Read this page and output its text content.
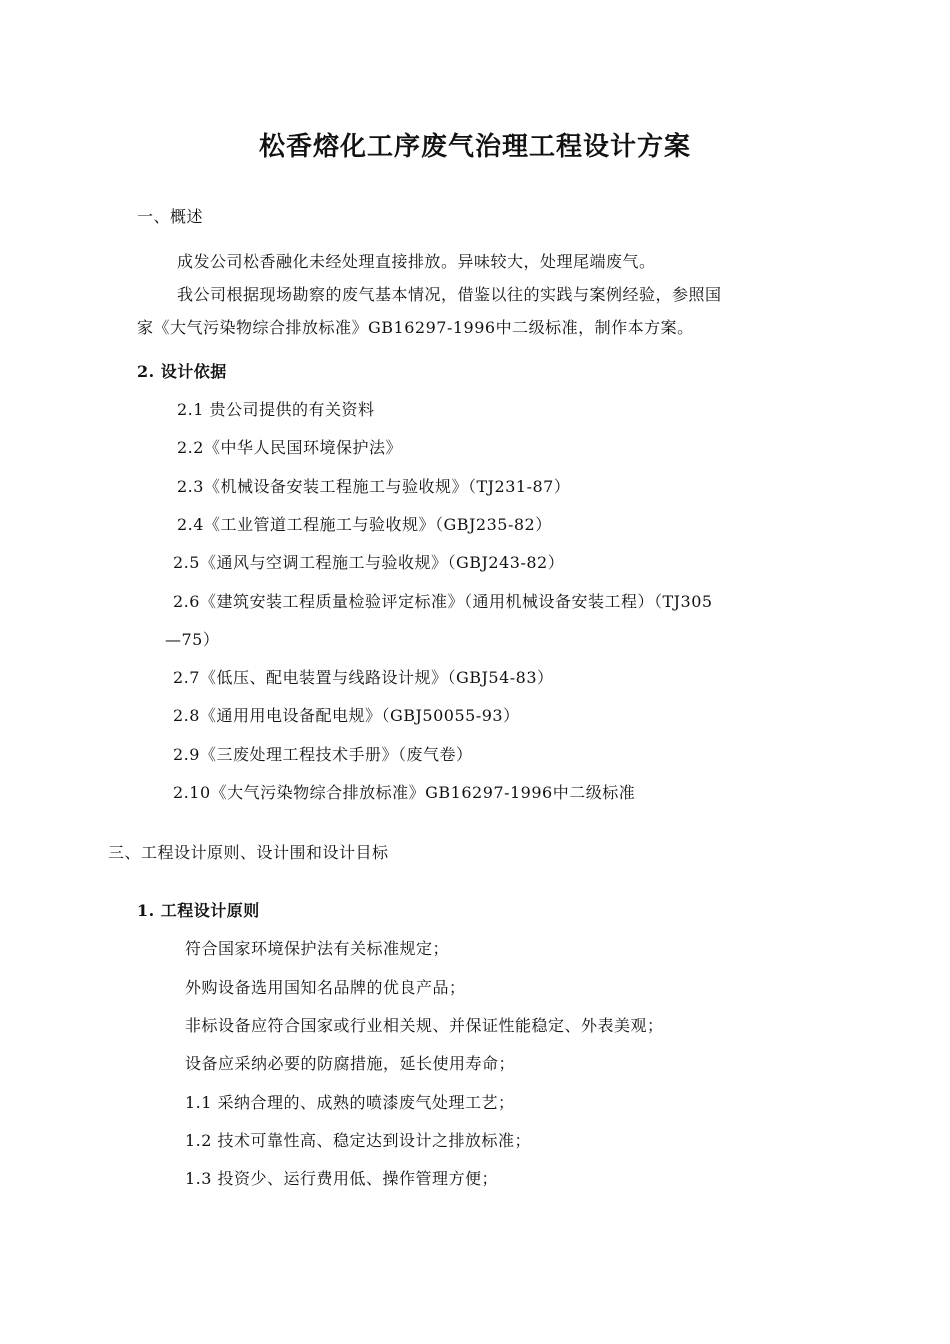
松香熔化工序废气治理工程设计方案
一、概述
成发公司松香融化未经处理直接排放。异味较大，处理尾端废气。
我公司根据现场勘察的废气基本情况，借鉴以往的实践与案例经验，参照国
家《大气污染物综合排放标准》GB16297-1996中二级标准，制作本方案。
2. 设计依据
2.1 贵公司提供的有关资料
2.2《中华人民国环境保护法》
2.3《机械设备安装工程施工与验收规》（TJ231-87）
2.4《工业管道工程施工与验收规》（GBJ235-82）
2.5《通风与空调工程施工与验收规》（GBJ243-82）
2.6《建筑安装工程质量检验评定标准》（通用机械设备安装工程）（TJ305
—75）
2.7《低压、配电装置与线路设计规》（GBJ54-83）
2.8《通用用电设备配电规》（GBJ50055-93）
2.9《三废处理工程技术手册》（废气卷）
2.10《大气污染物综合排放标准》GB16297-1996中二级标准
三、工程设计原则、设计围和设计目标
1. 工程设计原则
符合国家环境保护法有关标准规定；
外购设备选用国知名品牌的优良产品；
非标设备应符合国家或行业相关规、并保证性能稳定、外表美观；
设备应采纳必要的防腐措施，延长使用寿命；
1.1 采纳合理的、成熟的喷漆废气处理工艺；
1.2 技术可靠性高、稳定达到设计之排放标准；
1.3 投资少、运行费用低、操作管理方便；
